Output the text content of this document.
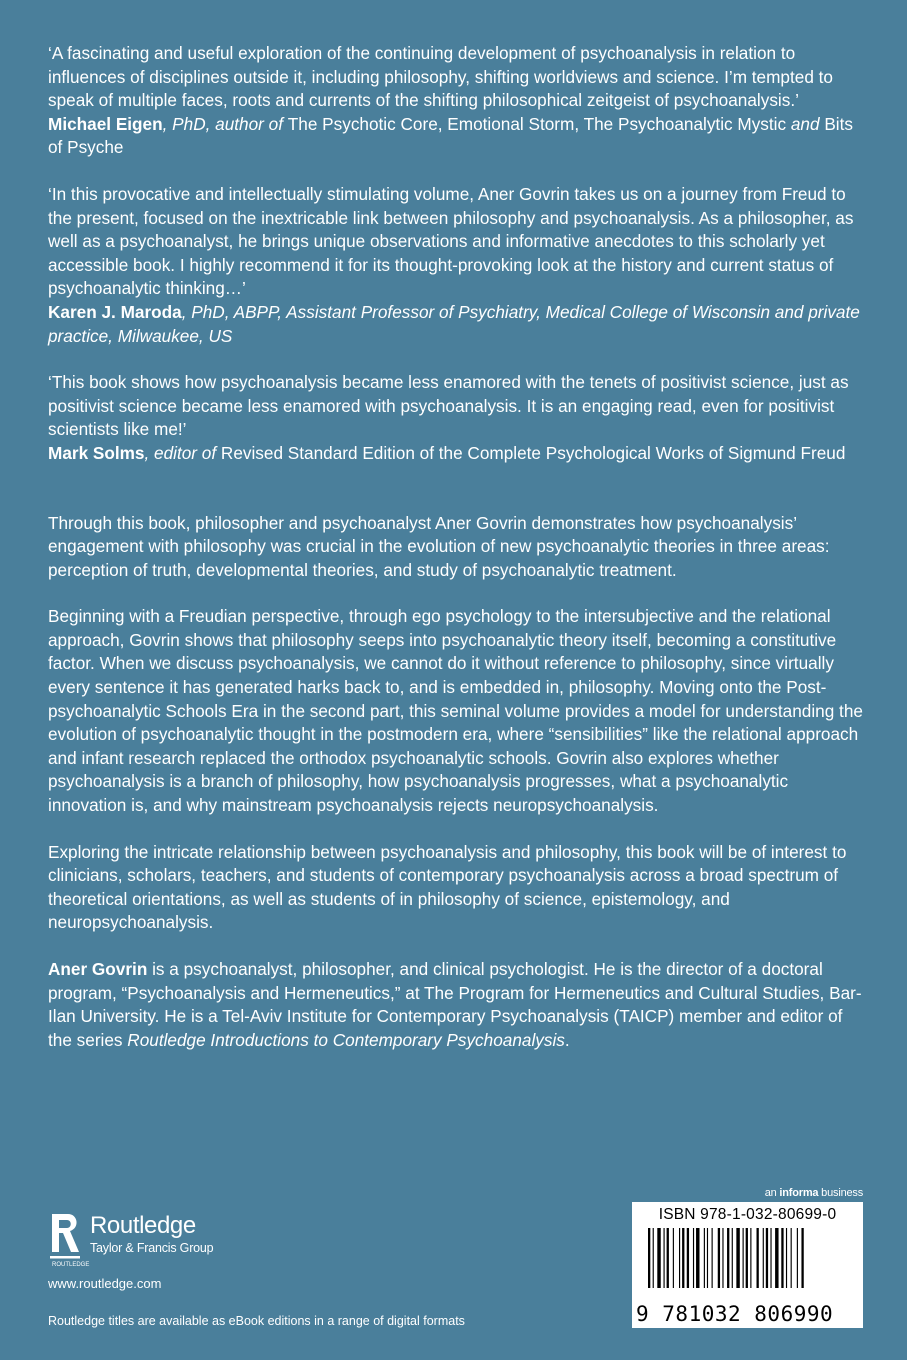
‘A fascinating and useful exploration of the continuing development of psychoanalysis in relation to influences of disciplines outside it, including philosophy, shifting worldviews and science. I’m tempted to speak of multiple faces, roots and currents of the shifting philosophical zeitgeist of psychoanalysis.’
Michael Eigen, PhD, author of The Psychotic Core, Emotional Storm, The Psychoanalytic Mystic and Bits of Psyche

‘In this provocative and intellectually stimulating volume, Aner Govrin takes us on a journey from Freud to the present, focused on the inextricable link between philosophy and psychoanalysis. As a philosopher, as well as a psychoanalyst, he brings unique observations and informative anecdotes to this scholarly yet accessible book. I highly recommend it for its thought-provoking look at the history and current status of psychoanalytic thinking…’
Karen J. Maroda, PhD, ABPP, Assistant Professor of Psychiatry, Medical College of Wisconsin and private practice, Milwaukee, US

‘This book shows how psychoanalysis became less enamored with the tenets of positivist science, just as positivist science became less enamored with psychoanalysis. It is an engaging read, even for positivist scientists like me!’
Mark Solms, editor of Revised Standard Edition of the Complete Psychological Works of Sigmund Freud

Through this book, philosopher and psychoanalyst Aner Govrin demonstrates how psychoanalysis’ engagement with philosophy was crucial in the evolution of new psychoanalytic theories in three areas: perception of truth, developmental theories, and study of psychoanalytic treatment.

Beginning with a Freudian perspective, through ego psychology to the intersubjective and the relational approach, Govrin shows that philosophy seeps into psychoanalytic theory itself, becoming a constitutive factor. When we discuss psychoanalysis, we cannot do it without reference to philosophy, since virtually every sentence it has generated harks back to, and is embedded in, philosophy. Moving onto the Post-psychoanalytic Schools Era in the second part, this seminal volume provides a model for understanding the evolution of psychoanalytic thought in the postmodern era, where “sensibilities” like the relational approach and infant research replaced the orthodox psychoanalytic schools. Govrin also explores whether psychoanalysis is a branch of philosophy, how psychoanalysis progresses, what a psychoanalytic innovation is, and why mainstream psychoanalysis rejects neuropsychoanalysis.

Exploring the intricate relationship between psychoanalysis and philosophy, this book will be of interest to clinicians, scholars, teachers, and students of contemporary psychoanalysis across a broad spectrum of theoretical orientations, as well as students of in philosophy of science, epistemology, and neuropsychoanalysis.

Aner Govrin is a psychoanalyst, philosopher, and clinical psychologist. He is the director of a doctoral program, “Psychoanalysis and Hermeneutics,” at The Program for Hermeneutics and Cultural Studies, Bar-Ilan University. He is a Tel-Aviv Institute for Contemporary Psychoanalysis (TAICP) member and editor of the series Routledge Introductions to Contemporary Psychoanalysis.

ROUTLEDGE
Routledge
Taylor & Francis Group
www.routledge.com
Routledge titles are available as eBook editions in a range of digital formats
an informa business
ISBN 978-1-032-80699-0
9 781032 806990
